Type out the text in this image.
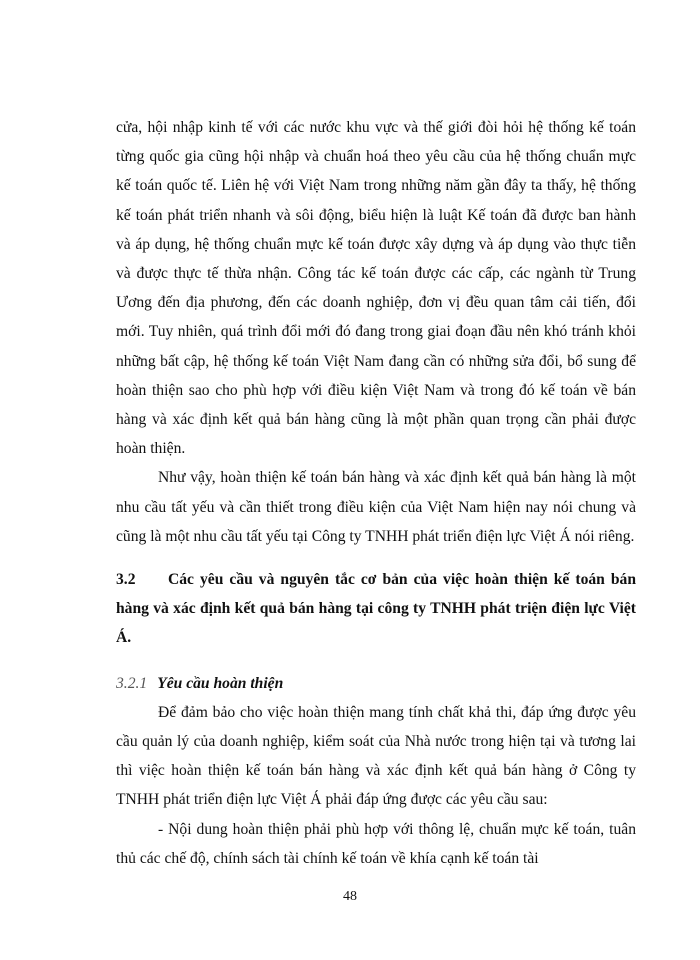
cửa, hội nhập kinh tế với các nước khu vực và thế giới đòi hỏi hệ thống kế toán từng quốc gia cũng hội nhập và chuẩn hoá theo yêu cầu của hệ thống chuẩn mực kế toán quốc tế. Liên hệ với Việt Nam trong những năm gần đây ta thấy, hệ thống kế toán phát triển nhanh và sôi động, biểu hiện là luật Kế toán đã được ban hành và áp dụng, hệ thống chuẩn mực kế toán được xây dựng và áp dụng vào thực tiễn và được thực tế thừa nhận. Công tác kế toán được các cấp, các ngành từ Trung Ương đến địa phương, đến các doanh nghiệp, đơn vị đều quan tâm cải tiến, đổi mới. Tuy nhiên, quá trình đổi mới đó đang trong giai đoạn đầu nên khó tránh khỏi những bất cập, hệ thống kế toán Việt Nam đang cần có những sửa đổi, bổ sung để hoàn thiện sao cho phù hợp với điều kiện Việt Nam và trong đó kế toán về bán hàng và xác định kết quả bán hàng cũng là một phần quan trọng cần phải được hoàn thiện.

Như vậy, hoàn thiện kế toán bán hàng và xác định kết quả bán hàng là một nhu cầu tất yếu và cần thiết trong điều kiện của Việt Nam hiện nay nói chung và cũng là một nhu cầu tất yếu tại Công ty TNHH phát triển điện lực Việt Á nói riêng.

3.2	Các yêu cầu và nguyên tắc cơ bản của việc hoàn thiện kế toán bán hàng và xác định kết quả bán hàng tại công ty TNHH phát triện điện lực Việt Á.
3.2.1 Yêu cầu hoàn thiện

Để đảm bảo cho việc hoàn thiện mang tính chất khả thi, đáp ứng được yêu cầu quản lý của doanh nghiệp, kiểm soát của Nhà nước trong hiện tại và tương lai thì việc hoàn thiện kế toán bán hàng và xác định kết quả bán hàng ở Công ty TNHH phát triển điện lực Việt Á phải đáp ứng được các yêu cầu sau:

- Nội dung hoàn thiện phải phù hợp với thông lệ, chuẩn mực kế toán, tuân thủ các chế độ, chính sách tài chính kế toán về khía cạnh kế toán tài

48
